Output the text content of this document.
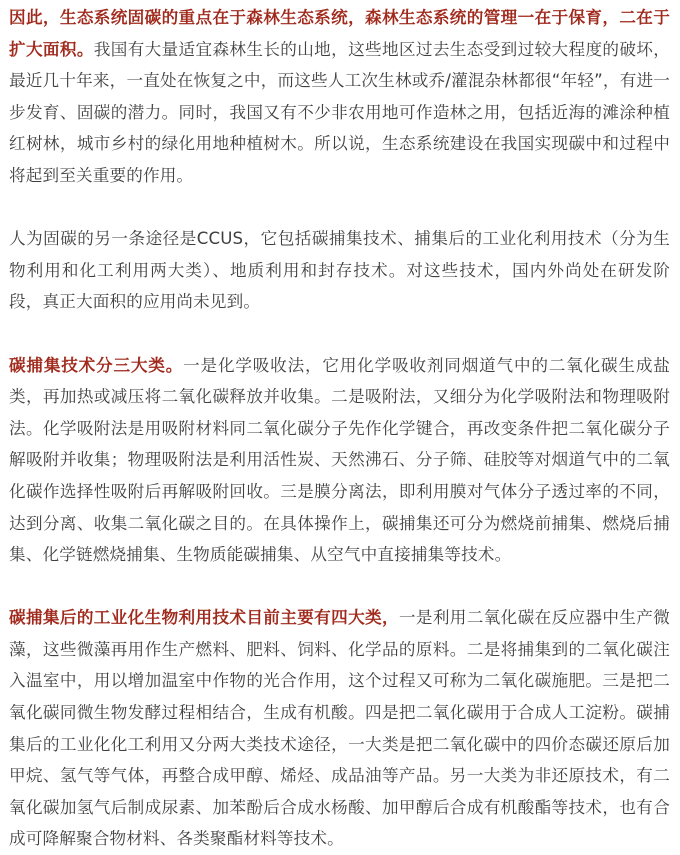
因此，生态系统固碳的重点在于森林生态系统，森林生态系统的管理一在于保育，二在于扩大面积。我国有大量适宜森林生长的山地，这些地区过去生态受到过较大程度的破坏，最近几十年来，一直处在恢复之中，而这些人工次生林或乔/灌混杂林都很“年轻”，有进一步发育、固碳的潜力。同时，我国又有不少非农用地可作造林之用，包括近海的滩涂种植红树林，城市乡村的绿化用地种植树木。所以说，生态系统建设在我国实现碳中和过程中将起到至关重要的作用。

人为固碳的另一条途径是CCUS，它包括碳捕集技术、捕集后的工业化利用技术（分为生物利用和化工利用两大类）、地质利用和封存技术。对这些技术，国内外尚处在研发阶段，真正大面积的应用尚未见到。

碳捕集技术分三大类。一是化学吸收法，它用化学吸收剂同烟道气中的二氧化碳生成盐类，再加热或减压将二氧化碳释放并收集。二是吸附法，又细分为化学吸附法和物理吸附法。化学吸附法是用吸附材料同二氧化碳分子先作化学键合，再改变条件把二氧化碳分子解吸附并收集；物理吸附法是利用活性炭、天然沸石、分子筛、硅胶等对烟道气中的二氧化碳作选择性吸附后再解吸附回收。三是膜分离法，即利用膜对气体分子透过率的不同，达到分离、收集二氧化碳之目的。在具体操作上，碳捕集还可分为燃烧前捕集、燃烧后捕集、化学链燃烧捕集、生物质能碳捕集、从空气中直接捕集等技术。

碳捕集后的工业化生物利用技术目前主要有四大类，一是利用二氧化碳在反应器中生产微藻，这些微藻再用作生产燃料、肥料、饲料、化学品的原料。二是将捕集到的二氧化碳注入温室中，用以增加温室中作物的光合作用，这个过程又可称为二氧化碳施肥。三是把二氧化碳同微生物发酵过程相结合，生成有机酸。四是把二氧化碳用于合成人工淀粉。碳捕集后的工业化化工利用又分两大类技术途径，一大类是把二氧化碳中的四价态碳还原后加甲烷、氢气等气体，再整合成甲醇、烯烃、成品油等产品。另一大类为非还原技术，有二氧化碳加氢气后制成尿素、加苯酚后合成水杨酸、加甲醇后合成有机酸酯等技术，也有合成可降解聚合物材料、各类聚酯材料等技术。
